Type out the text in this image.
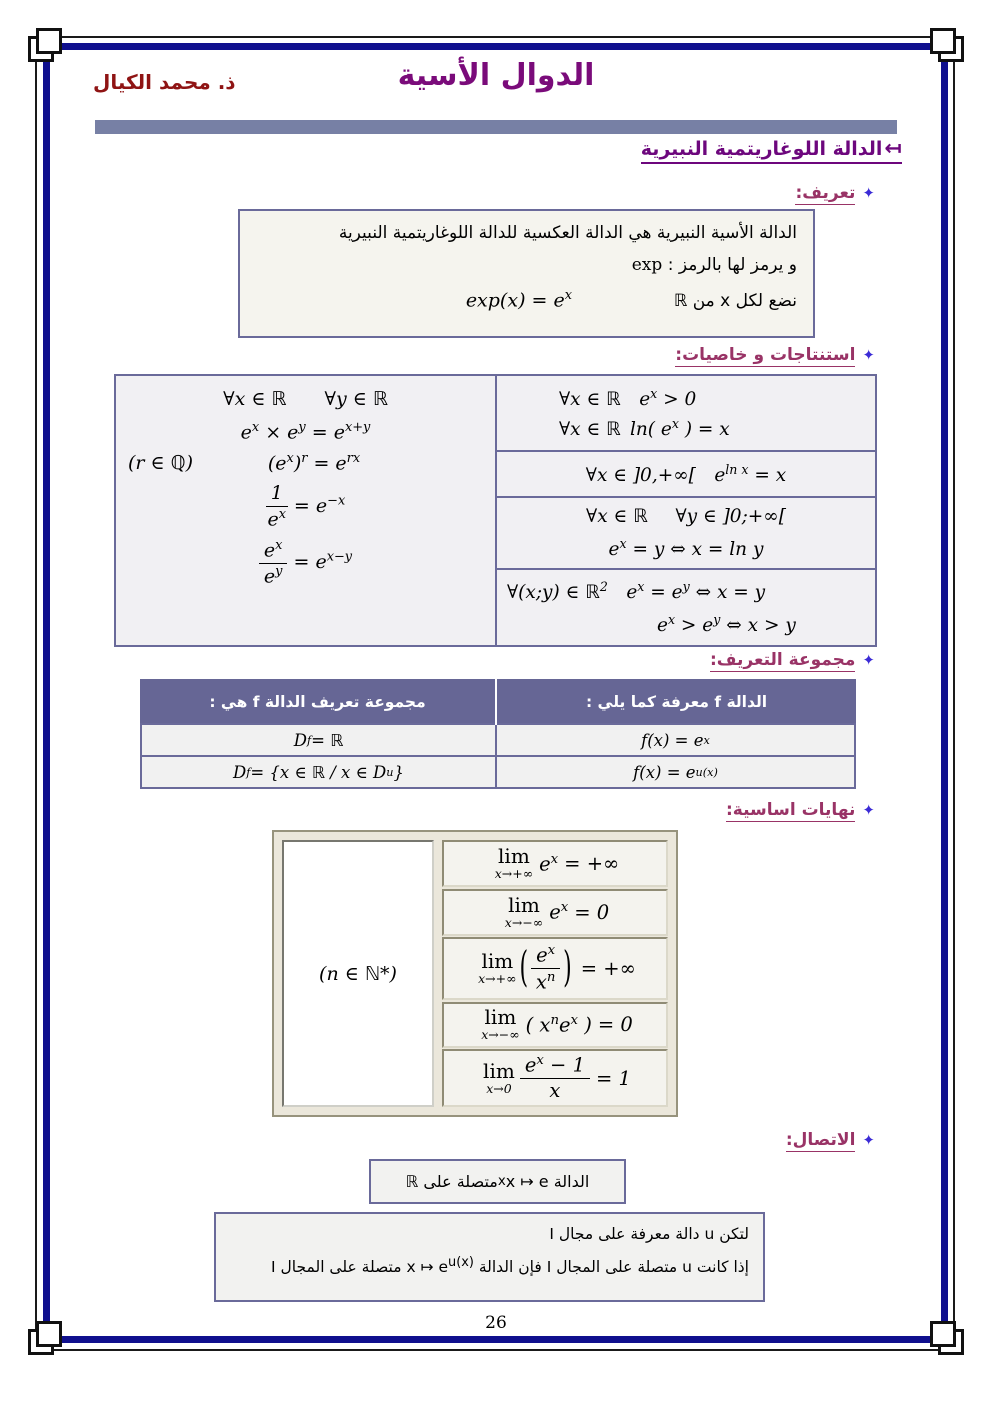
ذ. محمد الكيال	الدوال الأسية
↤الدالة اللوغاريتمية النبيرية
✦تعريف:
الدالة الأسية النبيرية هي الدالة العكسية للدالة اللوغاريتمية النبيرية
و يرمز لها بالرمز : exp
نضع لكل x من ℝ
$\exp(x) = e^x$
✦استنتاجات و خاصيات:
∀x ∈ ℝ  ∀y ∈ ℝ
$e^x \times e^y = e^{x+y}$
(r ∈ ℚ)	$(e^x)^r = e^{rx}$
$\frac{1}{e^x} = e^{-x}$
$\frac{e^x}{e^y} = e^{x-y}$
∀x ∈ ℝ  $e^x > 0$
∀x ∈ ℝ ln( $e^x$ ) = x
∀x ∈ ]0,+∞[  $e^{ln x} = x$
∀x ∈ ℝ  ∀y ∈ ]0;+∞[
$e^x = y$ ⇔ x = ln y
∀(x;y) ∈ ℝ$^2$ $e^x = e^y$ ⇔ x = y
$e^x > e^y$ ⇔ x > y
✦مجموعة التعريف:
مجموعة تعريف الدالة f هي :	الدالة f معرفة كما يلي :
D f = ℝ	f(x) = e x
D f = {x ∈ ℝ / x ∈ D u }	f(x) = e u(x)
✦نهايات اساسية:
(n ∈ ℕ*)
lim
x→+∞ $e^x$ = +∞
lim
x→−∞ $e^x = 0$
lim
x→+∞ ( $\frac{e^x}{x^n}$ ) = +∞
lim
x→−∞ ( $x^ne^x$ ) = 0
lim
$x\to 0 \frac{e^x - 1}{x} = 1$
✦الاتصال:
الدالة x ↦ e
x
متصلة على ℝ
لتكن u دالة معرفة على مجال I
إذا كانت u متصلة على المجال I فإن الدالة x ↦ $e^{u(x)}$ متصلة على المجال I
26
